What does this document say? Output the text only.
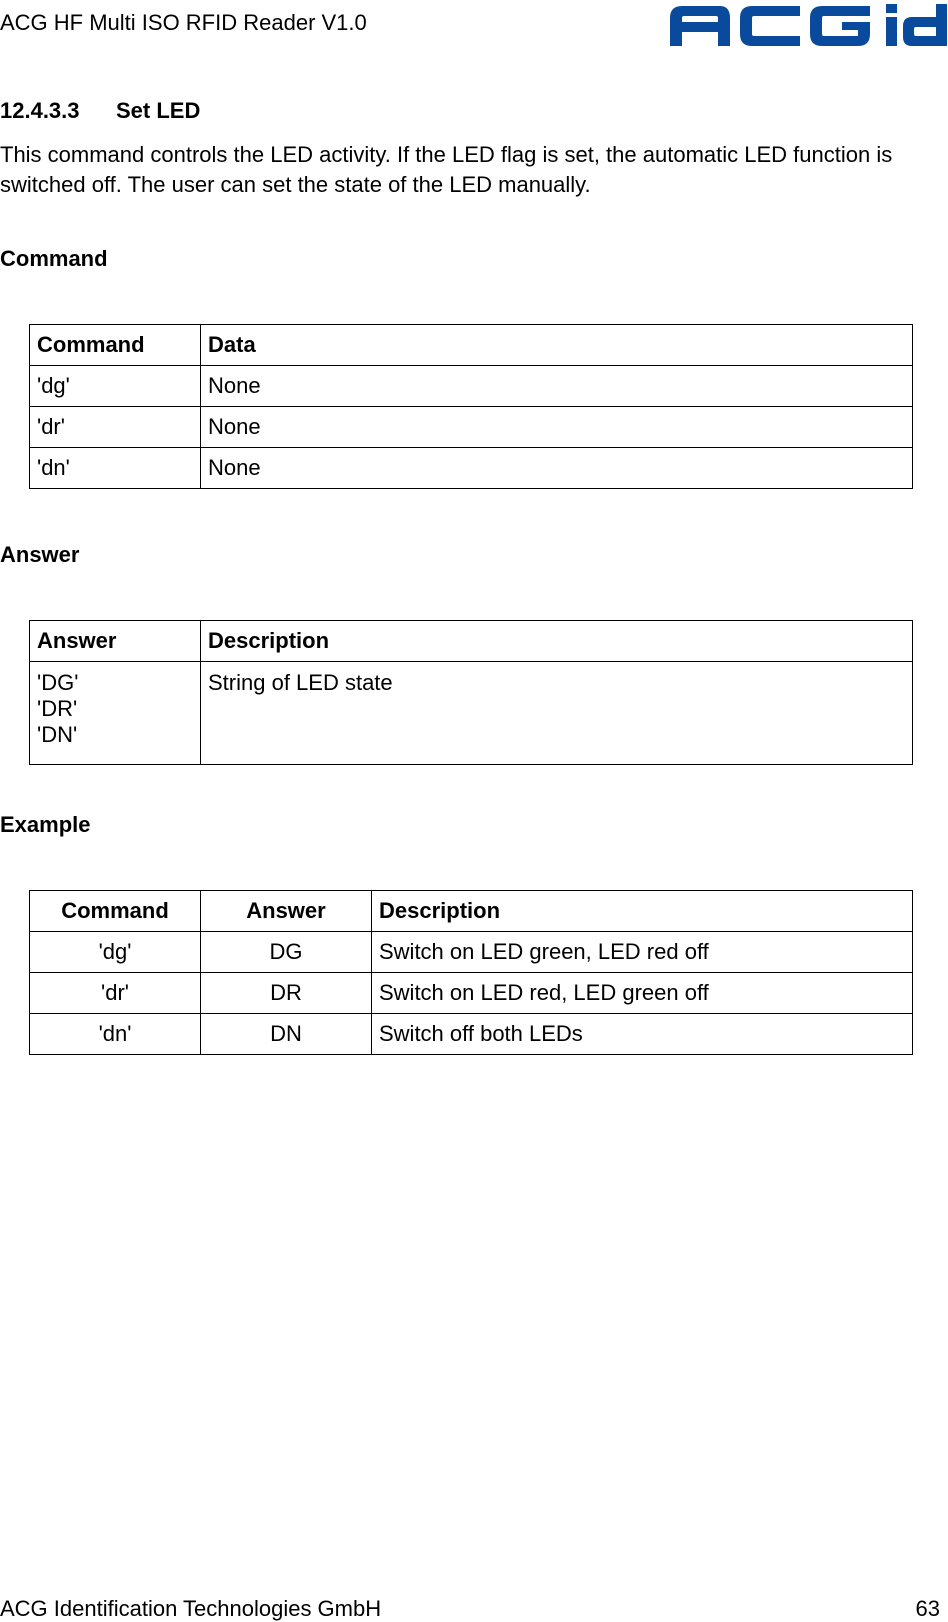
ACG HF Multi ISO RFID Reader V1.0
12.4.3.3 Set LED
This command controls the LED activity. If the LED flag is set, the automatic LED function is switched off. The user can set the state of the LED manually.
Command
Command	Data
'dg'	None
'dr'	None
'dn'	None
Answer
Answer	Description

'DG'
'DR'
'DN'	String of LED state
Example
Command	Answer	Description
'dg'	DG	Switch on LED green, LED red off
'dr'	DR	Switch on LED red, LED green off
'dn'	DN	Switch off both LEDs
ACG Identification Technologies GmbH	63
